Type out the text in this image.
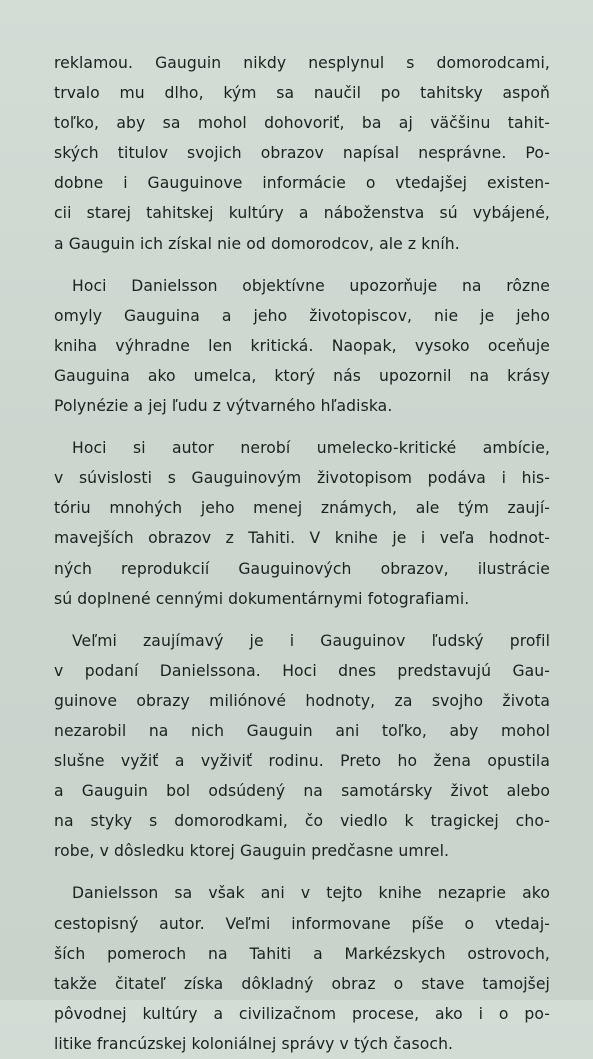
reklamou. Gauguin nikdy nesplynul s domorodcami,
trvalo mu dlho, kým sa naučil po tahitsky aspoň
toľko, aby sa mohol dohovoriť, ba aj väčšinu tahit-
ských titulov svojich obrazov napísal nesprávne. Po-
dobne i Gauguinove informácie o vtedajšej existen-
cii starej tahitskej kultúry a náboženstva sú vybájené,
a Gauguin ich získal nie od domorodcov, ale z kníh.
Hoci Danielsson objektívne upozorňuje na rôzne
omyly Gauguina a jeho životopiscov, nie je jeho
kniha výhradne len kritická. Naopak, vysoko oceňuje
Gauguina ako umelca, ktorý nás upozornil na krásy
Polynézie a jej ľudu z výtvarného hľadiska.
Hoci si autor nerobí umelecko-kritické ambície,
v súvislosti s Gauguinovým životopisom podáva i his-
tóriu mnohých jeho menej známych, ale tým zaují-
mavejších obrazov z Tahiti. V knihe je i veľa hodnot-
ných reprodukcií Gauguinových obrazov, ilustrácie
sú doplnené cennými dokumentárnymi fotografiami.
Veľmi zaujímavý je i Gauguinov ľudský profil
v podaní Danielssona. Hoci dnes predstavujú Gau-
guinove obrazy miliónové hodnoty, za svojho života
nezarobil na nich Gauguin ani toľko, aby mohol
slušne vyžiť a vyživiť rodinu. Preto ho žena opustila
a Gauguin bol odsúdený na samotársky život alebo
na styky s domorodkami, čo viedlo k tragickej cho-
robe, v dôsledku ktorej Gauguin predčasne umrel.
Danielsson sa však ani v tejto knihe nezaprie ako
cestopisný autor. Veľmi informovane píše o vtedaj-
ších pomeroch na Tahiti a Markézskych ostrovoch,
takže čitateľ získa dôkladný obraz o stave tamojšej
pôvodnej kultúry a civilizačnom procese, ako i o po-
litike francúzskej koloniálnej správy v tých časoch.
